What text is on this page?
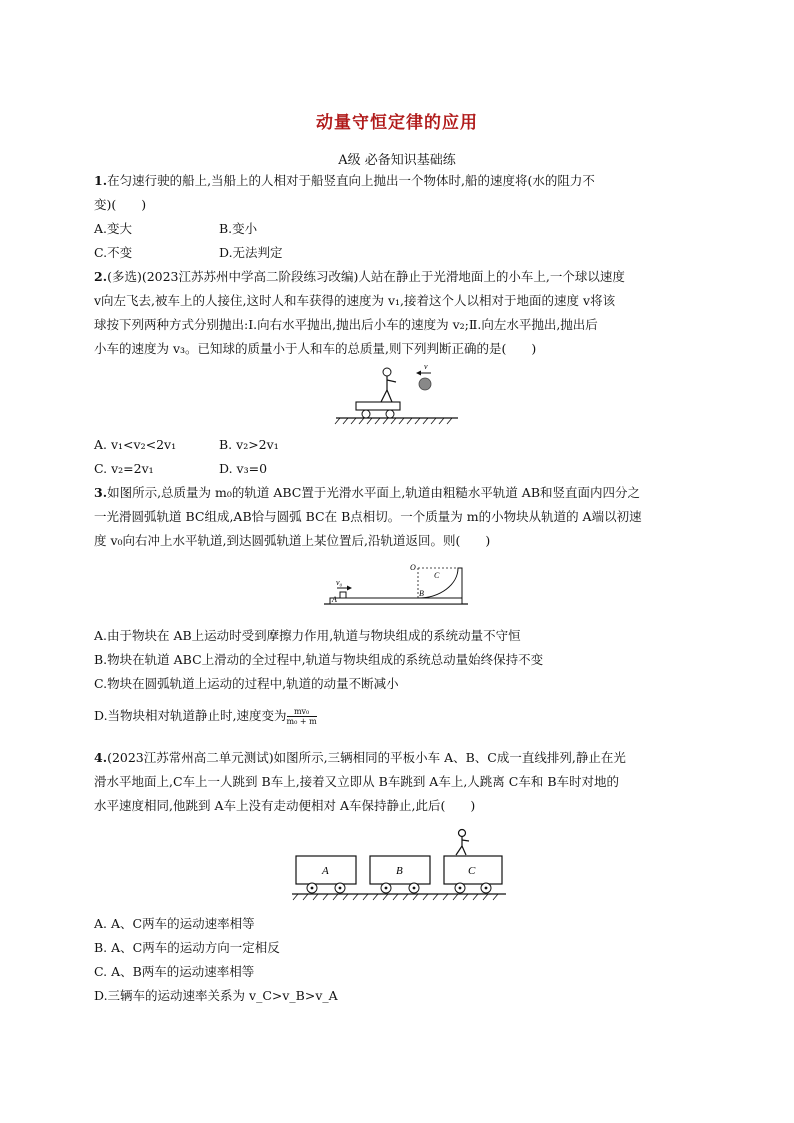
动量守恒定律的应用
A级 必备知识基础练
1.在匀速行驶的船上,当船上的人相对于船竖直向上抛出一个物体时,船的速度将(水的阻力不
变)(　　)
A.变大	B.变小
C.不变	D.无法判定
2.(多选)(2023江苏苏州中学高二阶段练习改编)人站在静止于光滑地面上的小车上,一个球以速度
v向左飞去,被车上的人接住,这时人和车获得的速度为 v₁,接着这个人以相对于地面的速度 v将该
球按下列两种方式分别抛出:Ⅰ.向右水平抛出,抛出后小车的速度为 v₂;Ⅱ.向左水平抛出,抛出后
小车的速度为 v₃。已知球的质量小于人和车的总质量,则下列判断正确的是(　　)
v
A. v₁<v₂<2v₁	B. v₂>2v₁
C. v₂=2v₁	D. v₃=0
3.如图所示,总质量为 m₀的轨道 ABC置于光滑水平面上,轨道由粗糙水平轨道 AB和竖直面内四分之
一光滑圆弧轨道 BC组成,AB恰与圆弧 BC在 B点相切。一个质量为 m的小物块从轨道的 A端以初速
度 v₀向右冲上水平轨道,到达圆弧轨道上某位置后,沿轨道返回。则(　　)
v₀
A
B
C
O
A.由于物块在 AB上运动时受到摩擦力作用,轨道与物块组成的系统动量不守恒
B.物块在轨道 ABC上滑动的全过程中,轨道与物块组成的系统总动量始终保持不变
C.物块在圆弧轨道上运动的过程中,轨道的动量不断减小
D.当物块相对轨道静止时,速度变为 $\frac{\text{mv₀}}{\text{m₀ + m}}$
4.(2023江苏常州高二单元测试)如图所示,三辆相同的平板小车 A、B、C成一直线排列,静止在光
滑水平地面上,C车上一人跳到 B车上,接着又立即从 B车跳到 A车上,人跳离 C车和 B车时对地的
水平速度相同,他跳到 A车上没有走动便相对 A车保持静止,此后(　　)
A	B	C
A. A、C两车的运动速率相等
B. A、C两车的运动方向一定相反
C. A、B两车的运动速率相等
D.三辆车的运动速率关系为 v_C>v_B>v_A
